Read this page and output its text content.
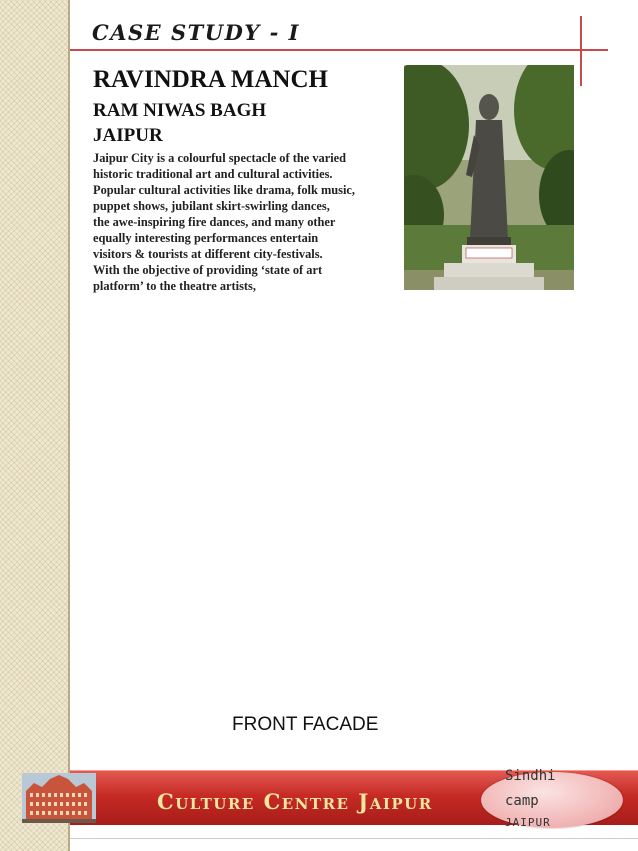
CASE STUDY - I
RAVINDRA MANCH
RAM NIWAS BAGH
JAIPUR

Jaipur City is a colourful spectacle of the varied
historic traditional art and cultural activities.
Popular cultural activities like drama, folk music,
puppet shows, jubilant skirt-swirling dances,
the awe-inspiring fire dances, and many other
equally interesting performances entertain
visitors & tourists at different city-festivals.
With the objective of providing ‘state of art
platform’ to the theatre artists,

FRONT FACADE
Culture Centre Jaipur
Sindhi
camp
JAIPUR
